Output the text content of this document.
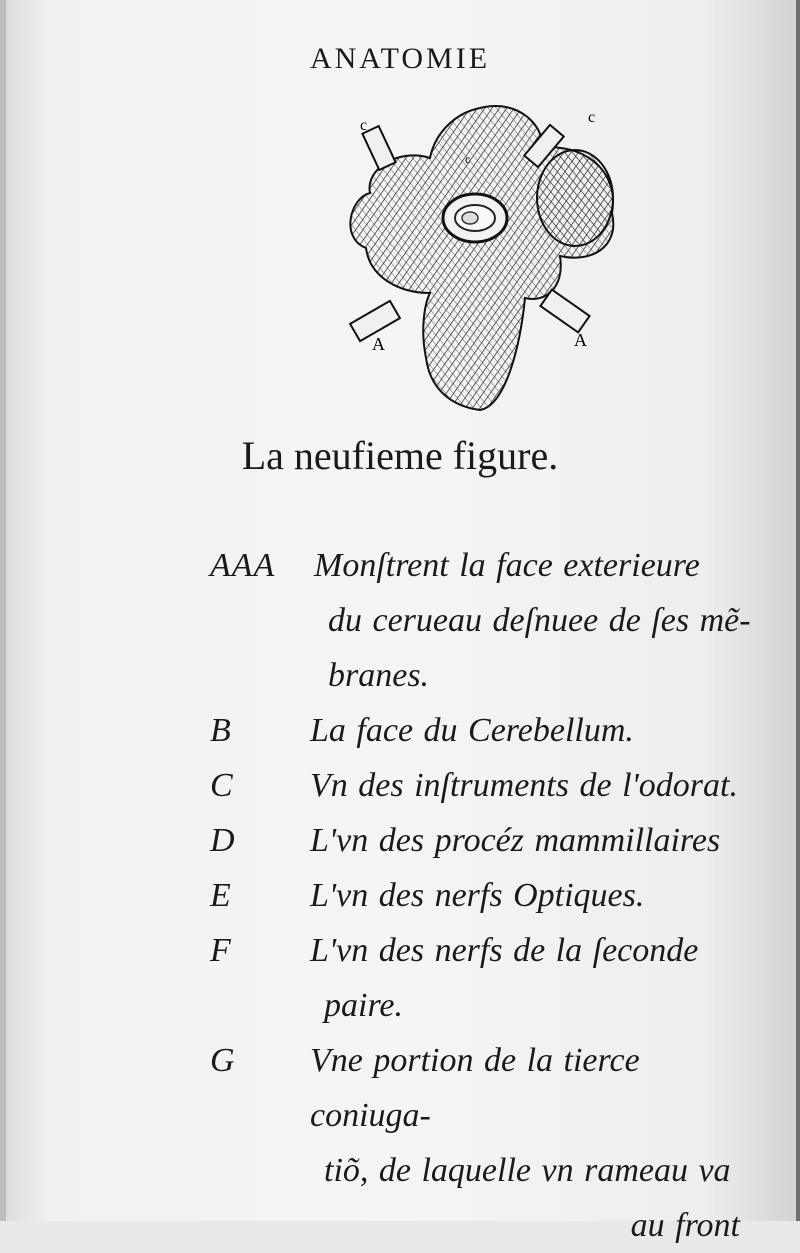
ANATOMIE
c	c
A	A
c
La neufieme figure.
AAA	Monſtrent la face exterieure
du cerueau deſnuee de ſes mẽ-
branes.
B	La face du Cerebellum.
C	Vn des inſtruments de l'odorat.
D	L'vn des procéz mammillaires
E	L'vn des nerfs Optiques.
F	L'vn des nerfs de la ſeconde
paire.
G	Vne portion de la tierce coniuga-
tiõ, de laquelle vn rameau va
au front
